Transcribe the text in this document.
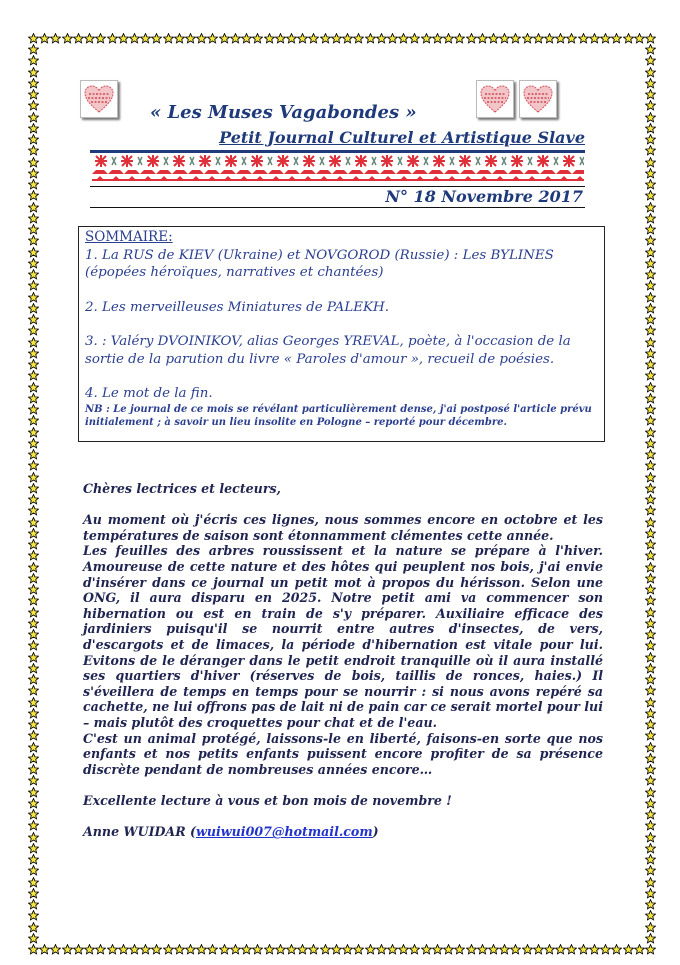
« Les Muses Vagabondes »
Petit Journal Culturel et Artistique Slave
N° 18 Novembre 2017

SOMMAIRE:

1. La RUS de KIEV (Ukraine) et NOVGOROD (Russie) : Les BYLINES (épopées héroïques, narratives et chantées)

2. Les merveilleuses Miniatures de PALEKH.

3. : Valéry DVOINIKOV, alias Georges YREVAL, poète, à l'occasion de la sortie de la parution du livre « Paroles d'amour », recueil de poésies.

4. Le mot de la fin.

NB : Le journal de ce mois se révélant particulièrement dense, j'ai postposé l'article prévu initialement ; à savoir un lieu insolite en Pologne – reporté pour décembre.

Chères lectrices et lecteurs,

Au moment où j'écris ces lignes, nous sommes encore en octobre et les températures de saison sont étonnamment clémentes cette année.

Les feuilles des arbres roussissent et la nature se prépare à l'hiver. Amoureuse de cette nature et des hôtes qui peuplent nos bois, j'ai envie d'insérer dans ce journal un petit mot à propos du hérisson. Selon une ONG, il aura disparu en 2025. Notre petit ami va commencer son hibernation ou est en train de s'y préparer. Auxiliaire efficace des jardiniers puisqu'il se nourrit entre autres d'insectes, de vers, d'escargots et de limaces, la période d'hibernation est vitale pour lui. Evitons de le déranger dans le petit endroit tranquille où il aura installé ses quartiers d'hiver (réserves de bois, taillis de ronces, haies.) Il s'éveillera de temps en temps pour se nourrir : si nous avons repéré sa cachette, ne lui offrons pas de lait ni de pain car ce serait mortel pour lui – mais plutôt des croquettes pour chat et de l'eau.

C'est un animal protégé, laissons-le en liberté, faisons-en sorte que nos enfants et nos petits enfants puissent encore profiter de sa présence discrète pendant de nombreuses années encore…

Excellente lecture à vous et bon mois de novembre !

Anne WUIDAR (wuiwui007@hotmail.com)
